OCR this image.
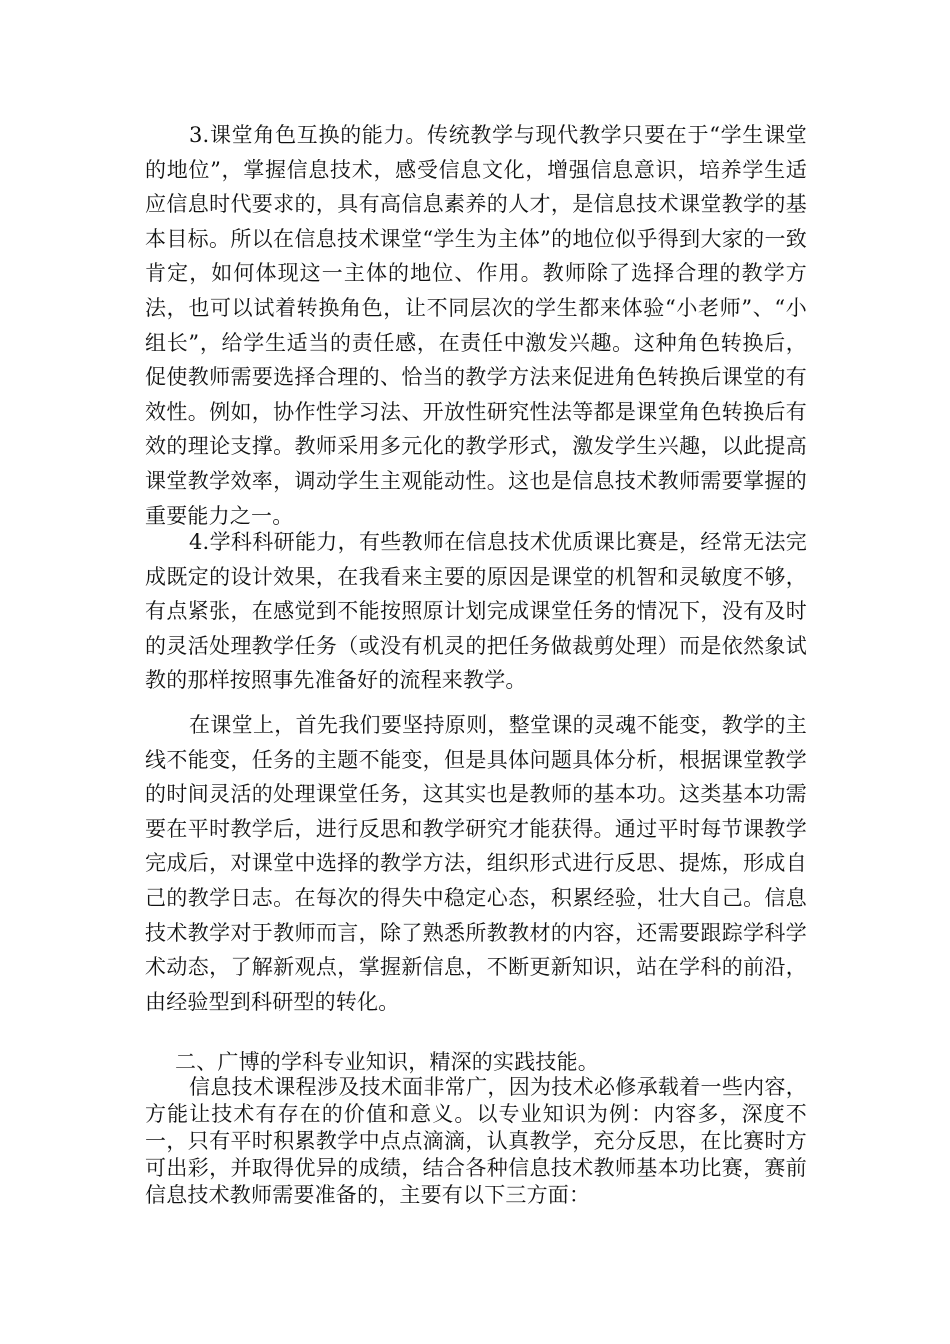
3.课堂角色互换的能力。传统教学与现代教学只要在于“学生课堂的地位”，掌握信息技术，感受信息文化，增强信息意识，培养学生适应信息时代要求的，具有高信息素养的人才，是信息技术课堂教学的基本目标。所以在信息技术课堂“学生为主体”的地位似乎得到大家的一致肯定，如何体现这一主体的地位、作用。教师除了选择合理的教学方法，也可以试着转换角色，让不同层次的学生都来体验“小老师”、“小组长”，给学生适当的责任感，在责任中激发兴趣。这种角色转换后，促使教师需要选择合理的、恰当的教学方法来促进角色转换后课堂的有效性。例如，协作性学习法、开放性研究性法等都是课堂角色转换后有效的理论支撑。教师采用多元化的教学形式，激发学生兴趣，以此提高课堂教学效率，调动学生主观能动性。这也是信息技术教师需要掌握的重要能力之一。

4.学科科研能力，有些教师在信息技术优质课比赛是，经常无法完成既定的设计效果，在我看来主要的原因是课堂的机智和灵敏度不够，有点紧张，在感觉到不能按照原计划完成课堂任务的情况下，没有及时的灵活处理教学任务（或没有机灵的把任务做裁剪处理）而是依然象试教的那样按照事先准备好的流程来教学。

在课堂上，首先我们要坚持原则，整堂课的灵魂不能变，教学的主线不能变，任务的主题不能变，但是具体问题具体分析，根据课堂教学的时间灵活的处理课堂任务，这其实也是教师的基本功。这类基本功需要在平时教学后，进行反思和教学研究才能获得。通过平时每节课教学完成后，对课堂中选择的教学方法，组织形式进行反思、提炼，形成自己的教学日志。在每次的得失中稳定心态，积累经验，壮大自己。信息技术教学对于教师而言，除了熟悉所教教材的内容，还需要跟踪学科学术动态，了解新观点，掌握新信息，不断更新知识，站在学科的前沿，由经验型到科研型的转化。

二、广博的学科专业知识，精深的实践技能。

信息技术课程涉及技术面非常广，因为技术必修承载着一些内容，方能让技术有存在的价值和意义。以专业知识为例：内容多，深度不一，只有平时积累教学中点点滴滴，认真教学，充分反思，在比赛时方可出彩，并取得优异的成绩，结合各种信息技术教师基本功比赛，赛前信息技术教师需要准备的，主要有以下三方面：
